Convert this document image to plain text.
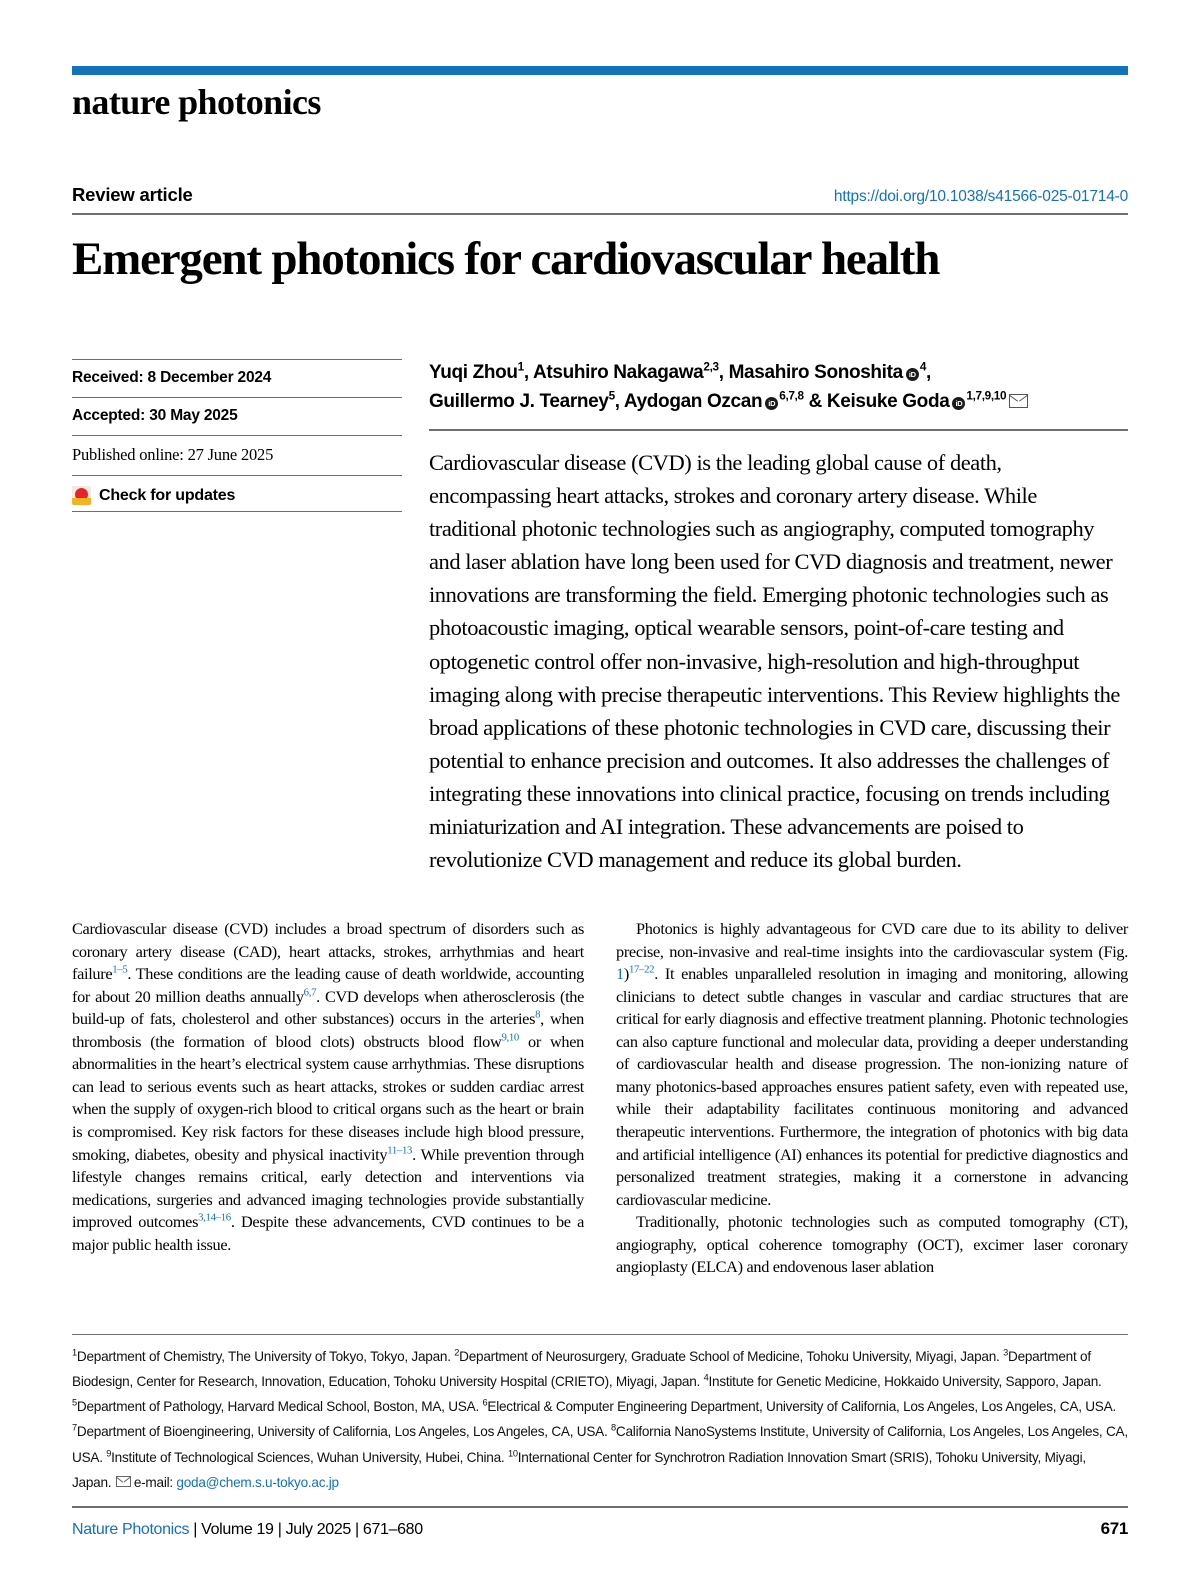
nature photonics
Review article	https://doi.org/10.1038/s41566-025-01714-0
Emergent photonics for cardiovascular health
Received: 8 December 2024
Accepted: 30 May 2025
Published online: 27 June 2025
Check for updates
Yuqi Zhou$^1$, Atsuhiro Nakagawa$^{2,3}$, Masahiro Sonoshita $iD^4$,
Guillermo J. Tearney$^5$, Aydogan Ozcan iD$^{6,7,8}$ & Keisuke Goda iD$^{1,7,9,10}$
Cardiovascular disease (CVD) is the leading global cause of death, encompassing heart attacks, strokes and coronary artery disease. While traditional photonic technologies such as angiography, computed tomography and laser ablation have long been used for CVD diagnosis and treatment, newer innovations are transforming the field. Emerging photonic technologies such as photoacoustic imaging, optical wearable sensors, point-of-care testing and optogenetic control offer non-invasive, high-resolution and high-throughput imaging along with precise therapeutic interventions. This Review highlights the broad applications of these photonic technologies in CVD care, discussing their potential to enhance precision and outcomes. It also addresses the challenges of integrating these innovations into clinical practice, focusing on trends including miniaturization and AI integration. These advancements are poised to revolutionize CVD management and reduce its global burden.

Cardiovascular disease (CVD) includes a broad spectrum of disorders such as coronary artery disease (CAD), heart attacks, strokes, arrhythmias and heart failure$^{1-5}$. These conditions are the leading cause of death worldwide, accounting for about 20 million deaths annually$^{6,7}$. CVD develops when atherosclerosis (the build-up of fats, cholesterol and other substances) occurs in the arteries$^8$, when thrombosis (the formation of blood clots) obstructs blood flow$^{9,10}$ or when abnormalities in the heart’s electrical system cause arrhythmias. These disruptions can lead to serious events such as heart attacks, strokes or sudden cardiac arrest when the supply of oxygen-rich blood to critical organs such as the heart or brain is compromised. Key risk factors for these diseases include high blood pressure, smoking, diabetes, obesity and physical inactivity$^{11-13}$. While prevention through lifestyle changes remains critical, early detection and interventions via medications, surgeries and advanced imaging technologies provide substantially improved outcomes$^{3,14-16}$. Despite these advancements, CVD continues to be a major public health issue.

Photonics is highly advantageous for CVD care due to its ability to deliver precise, non-invasive and real-time insights into the cardiovascular system (Fig. 1)$^{17-22}$. It enables unparalleled resolution in imaging and monitoring, allowing clinicians to detect subtle changes in vascular and cardiac structures that are critical for early diagnosis and effective treatment planning. Photonic technologies can also capture functional and molecular data, providing a deeper understanding of cardiovascular health and disease progression. The non-ionizing nature of many photonics-based approaches ensures patient safety, even with repeated use, while their adaptability facilitates continuous monitoring and advanced therapeutic interventions. Furthermore, the integration of photonics with big data and artificial intelligence (AI) enhances its potential for predictive diagnostics and personalized treatment strategies, making it a cornerstone in advancing cardiovascular medicine.

Traditionally, photonic technologies such as computed tomography (CT), angiography, optical coherence tomography (OCT), excimer laser coronary angioplasty (ELCA) and endovenous laser ablation

$^1$Department of Chemistry, The University of Tokyo, Tokyo, Japan. $^2$Department of Neurosurgery, Graduate School of Medicine, Tohoku University, Miyagi, Japan. $^3$Department of Biodesign, Center for Research, Innovation, Education, Tohoku University Hospital (CRIETO), Miyagi, Japan. $^4$Institute for Genetic Medicine, Hokkaido University, Sapporo, Japan. $^5$Department of Pathology, Harvard Medical School, Boston, MA, USA. $^6$Electrical & Computer Engineering Department, University of California, Los Angeles, Los Angeles, CA, USA. $^7$Department of Bioengineering, University of California, Los Angeles, Los Angeles, CA, USA. $^8$California NanoSystems Institute, University of California, Los Angeles, Los Angeles, CA, USA. $^9$Institute of Technological Sciences, Wuhan University, Hubei, China. $^{10}$International Center for Synchrotron Radiation Innovation Smart (SRIS), Tohoku University, Miyagi, Japan. e-mail: goda@chem.s.u-tokyo.ac.jp
Nature Photonics | Volume 19 | July 2025 | 671–680	671
